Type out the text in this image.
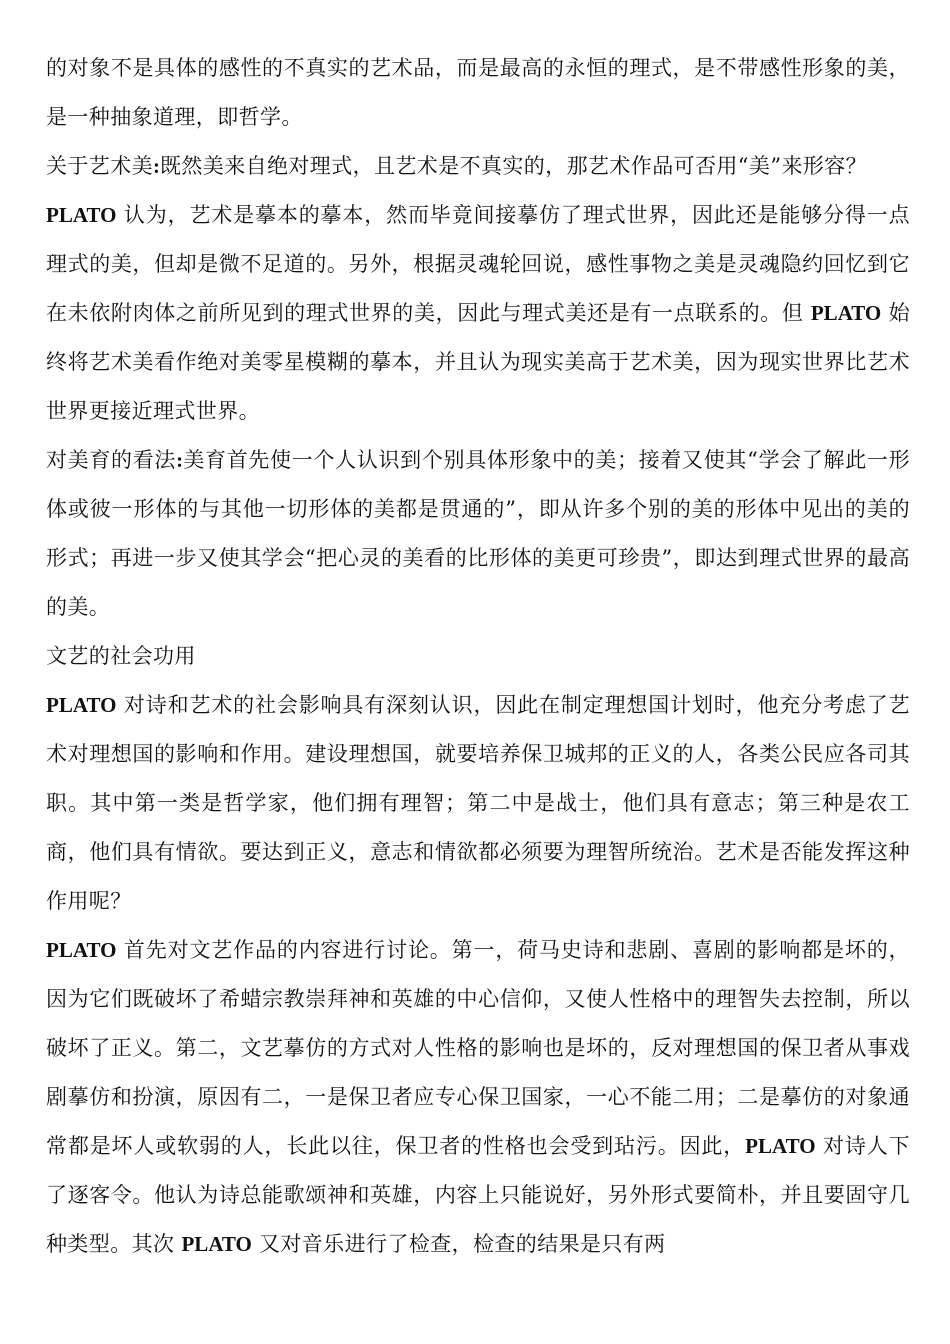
的对象不是具体的感性的不真实的艺术品，而是最高的永恒的理式，是不带感性形象的美，是一种抽象道理，即哲学。

关于艺术美:既然美来自绝对理式，且艺术是不真实的，那艺术作品可否用“美”来形容？

PLATO 认为，艺术是摹本的摹本，然而毕竟间接摹仿了理式世界，因此还是能够分得一点理式的美，但却是微不足道的。另外，根据灵魂轮回说，感性事物之美是灵魂隐约回忆到它在未依附肉体之前所见到的理式世界的美，因此与理式美还是有一点联系的。但 PLATO 始终将艺术美看作绝对美零星模糊的摹本，并且认为现实美高于艺术美，因为现实世界比艺术世界更接近理式世界。

对美育的看法:美育首先使一个人认识到个别具体形象中的美；接着又使其“学会了解此一形体或彼一形体的与其他一切形体的美都是贯通的”，即从许多个别的美的形体中见出的美的形式；再进一步又使其学会“把心灵的美看的比形体的美更可珍贵”，即达到理式世界的最高的美。

文艺的社会功用

PLATO 对诗和艺术的社会影响具有深刻认识，因此在制定理想国计划时，他充分考虑了艺术对理想国的影响和作用。建设理想国，就要培养保卫城邦的正义的人，各类公民应各司其职。其中第一类是哲学家，他们拥有理智；第二中是战士，他们具有意志；第三种是农工商，他们具有情欲。要达到正义，意志和情欲都必须要为理智所统治。艺术是否能发挥这种作用呢？

PLATO 首先对文艺作品的内容进行讨论。第一，荷马史诗和悲剧、喜剧的影响都是坏的，因为它们既破坏了希蜡宗教崇拜神和英雄的中心信仰，又使人性格中的理智失去控制，所以破坏了正义。第二，文艺摹仿的方式对人性格的影响也是坏的，反对理想国的保卫者从事戏剧摹仿和扮演，原因有二，一是保卫者应专心保卫国家，一心不能二用；二是摹仿的对象通常都是坏人或软弱的人，长此以往，保卫者的性格也会受到玷污。因此，PLATO 对诗人下了逐客令。他认为诗总能歌颂神和英雄，内容上只能说好，另外形式要简朴，并且要固守几种类型。其次 PLATO 又对音乐进行了检查，检查的结果是只有两
